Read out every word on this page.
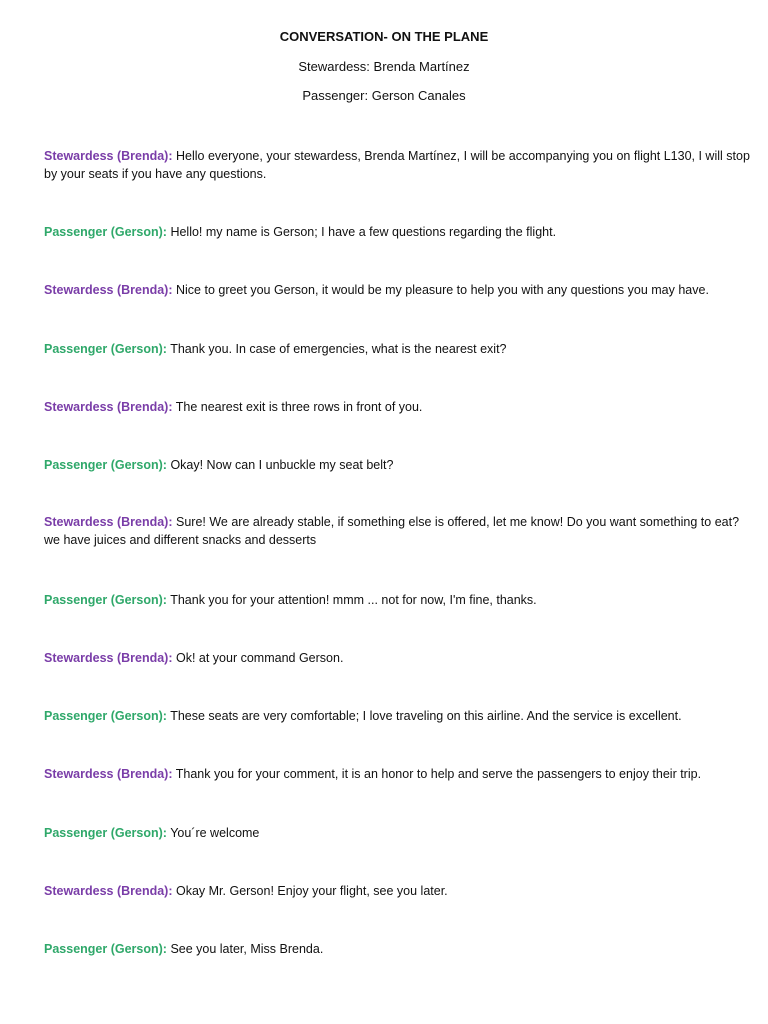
CONVERSATION- ON THE PLANE
Stewardess: Brenda Martínez
Passenger: Gerson Canales
Stewardess (Brenda): Hello everyone, your stewardess, Brenda Martínez, I will be accompanying you on flight L130, I will stop by your seats if you have any questions.
Passenger (Gerson): Hello! my name is Gerson; I have a few questions regarding the flight.
Stewardess (Brenda): Nice to greet you Gerson, it would be my pleasure to help you with any questions you may have.
Passenger (Gerson): Thank you. In case of emergencies, what is the nearest exit?
Stewardess (Brenda): The nearest exit is three rows in front of you.
Passenger (Gerson): Okay! Now can I unbuckle my seat belt?
Stewardess (Brenda): Sure! We are already stable, if something else is offered, let me know! Do you want something to eat? we have juices and different snacks and desserts
Passenger (Gerson): Thank you for your attention! mmm ... not for now, I'm fine, thanks.
Stewardess (Brenda): Ok! at your command Gerson.
Passenger (Gerson): These seats are very comfortable; I love traveling on this airline. And the service is excellent.
Stewardess (Brenda): Thank you for your comment, it is an honor to help and serve the passengers to enjoy their trip.
Passenger (Gerson): You´re welcome
Stewardess (Brenda): Okay Mr. Gerson! Enjoy your flight, see you later.
Passenger (Gerson): See you later, Miss Brenda.
